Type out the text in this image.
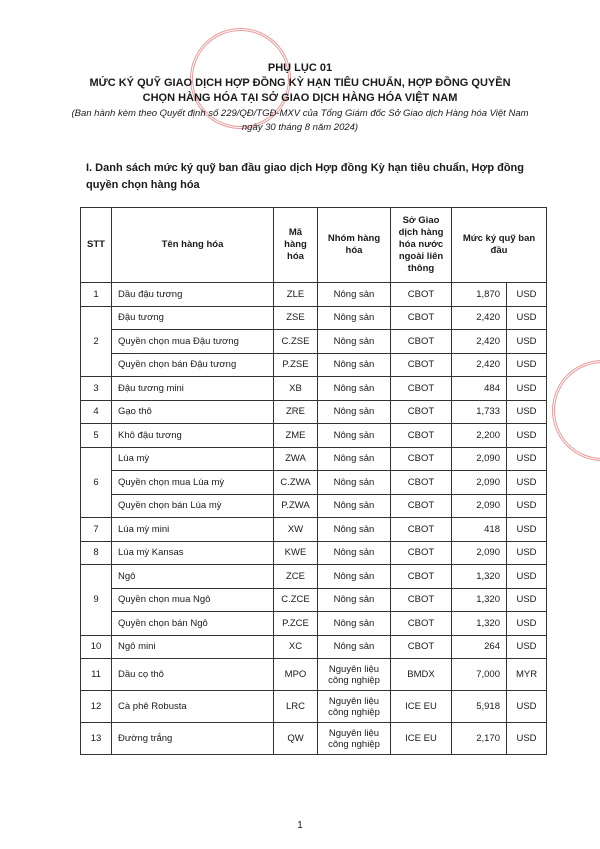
PHỤ LỤC 01
MỨC KÝ QUỸ GIAO DỊCH HỢP ĐỒNG KỲ HẠN TIÊU CHUẨN, HỢP ĐỒNG QUYỀN
CHỌN HÀNG HÓA TẠI SỞ GIAO DỊCH HÀNG HÓA VIỆT NAM
(Ban hành kèm theo Quyết định số 229/QĐ/TGĐ-MXV của Tổng Giám đốc Sở Giao dịch Hàng hóa Việt Nam
ngày 30 tháng 8 năm 2024)
I. Danh sách mức ký quỹ ban đầu giao dịch Hợp đồng Kỳ hạn tiêu chuẩn, Hợp đồng quyền chọn hàng hóa
STT	Tên hàng hóa	Mã hàng hóa	Nhóm hàng hóa	Sở Giao dịch hàng hóa nước ngoài liên thông	Mức ký quỹ ban đầu	
1	Dầu đậu tương	ZLE	Nông sản	CBOT	1,870	USD
2	Đậu tương	ZSE	Nông sản	CBOT	2,420	USD
	Quyền chọn mua Đậu tương	C.ZSE	Nông sản	CBOT	2,420	USD
	Quyền chọn bán Đậu tương	P.ZSE	Nông sản	CBOT	2,420	USD
3	Đậu tương mini	XB	Nông sản	CBOT	484	USD
4	Gạo thô	ZRE	Nông sản	CBOT	1,733	USD
5	Khô đậu tương	ZME	Nông sản	CBOT	2,200	USD
6	Lúa mỳ	ZWA	Nông sản	CBOT	2,090	USD
	Quyền chọn mua Lúa mỳ	C.ZWA	Nông sản	CBOT	2,090	USD
	Quyền chọn bán Lúa mỳ	P.ZWA	Nông sản	CBOT	2,090	USD
7	Lúa mỳ mini	XW	Nông sản	CBOT	418	USD
8	Lúa mỳ Kansas	KWE	Nông sản	CBOT	2,090	USD
9	Ngô	ZCE	Nông sản	CBOT	1,320	USD
	Quyền chọn mua Ngô	C.ZCE	Nông sản	CBOT	1,320	USD
	Quyền chọn bán Ngô	P.ZCE	Nông sản	CBOT	1,320	USD
10	Ngô mini	XC	Nông sản	CBOT	264	USD
11	Dầu cọ thô	MPO	Nguyên liệu công nghiệp	BMDX	7,000	MYR
12	Cà phê Robusta	LRC	Nguyên liệu công nghiệp	ICE EU	5,918	USD
13	Đường trắng	QW	Nguyên liệu công nghiệp	ICE EU	2,170	USD
1
